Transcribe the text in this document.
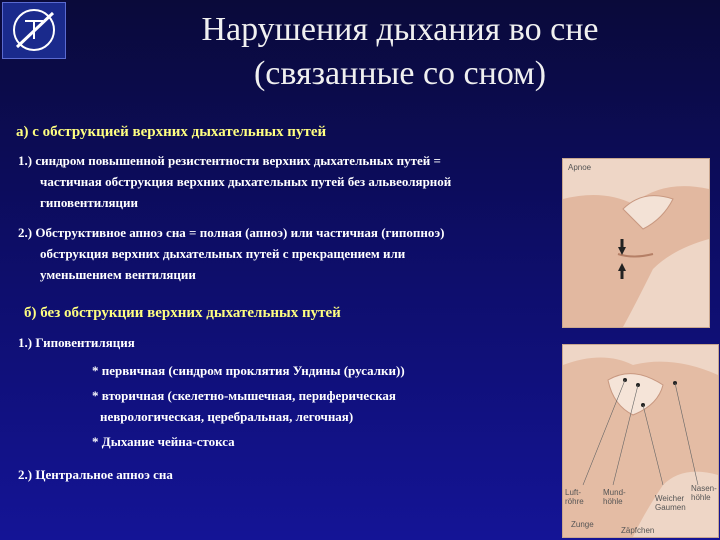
Нарушения дыхания во сне
(связанные со сном)
а) с обструкцией верхних дыхательных путей
1.) синдром повышенной резистентности верхних дыхательных путей =
частичная обструкция верхних дыхательных путей без альвеолярной
гиповентиляции
2.) Обструктивное апноэ сна = полная (апноэ) или частичная (гипопноэ)
обструкция верхних дыхательных путей с прекращением или
уменьшением вентиляции
б) без обструкции верхних дыхательных путей
1.) Гиповентиляция
* первичная (синдром проклятия Ундины (русалки))
* вторичная (скелетно-мышечная, периферическая
неврологическая, церебральная, легочная)
* Дыхание чейна-стокса
2.) Центральное апноэ сна
Apnoe
Luft-
röhre
Mund-
höhle	Weicher
Gaumen
Nasen-
höhle
Zunge
Zäpfchen
